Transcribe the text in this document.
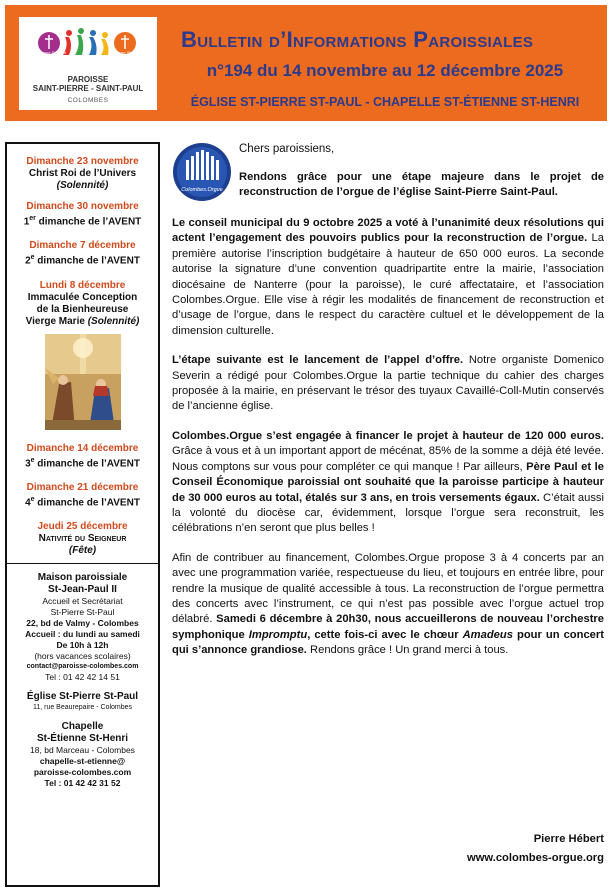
St-Étienne St-Henri	St-Pierre St-Paul
PAROISSE
SAINT-PIERRE - SAINT-PAUL
COLOMBES
Bulletin d’Informations Paroissiales
n°194 du 14 novembre au 12 décembre 2025
ÉGLISE ST-PIERRE ST-PAUL - CHAPELLE ST-ÉTIENNE ST-HENRI
Dimanche 23 novembre
Christ Roi de l’Univers
(Solennité)
Dimanche 30 novembre
1er dimanche de l’AVENT
Dimanche 7 décembre
2e dimanche de l’AVENT
Lundi 8 décembre
Immaculée Conception
de la Bienheureuse
Vierge Marie (Solennité)
Dimanche 14 décembre
3e dimanche de l’AVENT
Dimanche 21 décembre
4e dimanche de l’AVENT
Jeudi 25 décembre
Nativité du Seigneur
(Fête)
Maison paroissiale
St-Jean-Paul II
Accueil et Secrétariat
St-Pierre St-Paul
22, bd de Valmy - Colombes
Accueil : du lundi au samedi
De 10h à 12h
(hors vacances scolaires)
contact@paroisse-colombes.com
Tel : 01 42 42 14 51
Église St-Pierre St-Paul
11, rue Beaurepaire - Colombes
Chapelle
St-Étienne St-Henri
18, bd Marceau - Colombes
chapelle-st-etienne@
paroisse-colombes.com
Tel : 01 42 42 31 52
Colombes.Orgue
Chers paroissiens,
Rendons grâce pour une étape majeure dans le projet de reconstruction de l’orgue de l’église Saint-Pierre Saint-Paul.

Le conseil municipal du 9 octobre 2025 a voté à l’unanimité deux résolutions qui actent l’engagement des pouvoirs publics pour la reconstruction de l’orgue. La première autorise l’inscription budgétaire à hauteur de 650 000 euros. La seconde autorise la signature d’une convention quadripartite entre la mairie, l’association diocésaine de Nanterre (pour la paroisse), le curé affectataire, et l’association Colombes.Orgue. Elle vise à régir les modalités de financement de reconstruction et d’usage de l’orgue, dans le respect du caractère cultuel et le développement de la dimension culturelle.

L’étape suivante est le lancement de l’appel d’offre. Notre organiste Domenico Severin a rédigé pour Colombes.Orgue la partie technique du cahier des charges proposée à la mairie, en préservant le trésor des tuyaux Cavaillé-Coll-Mutin conservés de l’ancienne église.

Colombes.Orgue s’est engagée à financer le projet à hauteur de 120 000 euros. Grâce à vous et à un important apport de mécénat, 85% de la somme a déjà été levée. Nous comptons sur vous pour compléter ce qui manque ! Par ailleurs, Père Paul et le Conseil Économique paroissial ont souhaité que la paroisse participe à hauteur de 30 000 euros au total, étalés sur 3 ans, en trois versements égaux. C’était aussi la volonté du diocèse car, évidemment, lorsque l’orgue sera reconstruit, les célébrations n’en seront que plus belles !

Afin de contribuer au financement, Colombes.Orgue propose 3 à 4 concerts par an avec une programmation variée, respectueuse du lieu, et toujours en entrée libre, pour rendre la musique de qualité accessible à tous. La reconstruction de l’orgue permettra des concerts avec l’instrument, ce qui n’est pas possible avec l’orgue actuel trop délabré. Samedi 6 décembre à 20h30, nous accueillerons de nouveau l’orchestre symphonique Impromptu, cette fois-ci avec le chœur Amadeus pour un concert qui s’annonce grandiose. Rendons grâce ! Un grand merci à tous.

Pierre Hébert
www.colombes-orgue.org
